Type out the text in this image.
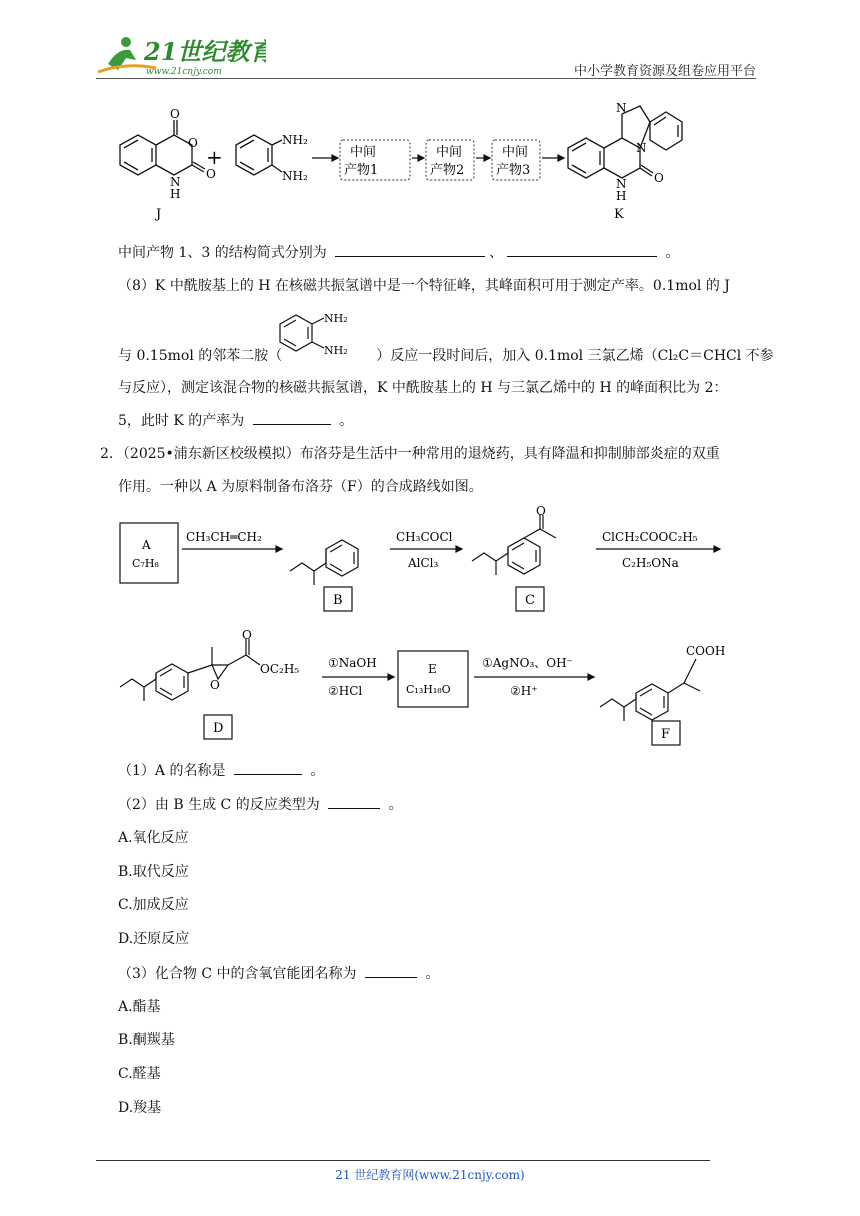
21世纪教育
www.21cnjy.com	中小学教育资源及组卷应用平台
O
O
O
N
H
J
+
NH₂
NH₂
中间
产物1
中间
产物2
中间
产物3
N
N
N
H
O
K
中间产物 1、3 的结构简式分别为	、	。
（8）K 中酰胺基上的 H 在核磁共振氢谱中是一个特征峰，其峰面积可用于测定产率。0.1mol 的 J
与 0.15mol 的邻苯二胺（	）反应一段时间后，加入 0.1mol 三氯乙烯（Cl₂C＝CHCl 不参
NH₂
NH₂
与反应），测定该混合物的核磁共振氢谱，K 中酰胺基上的 H 与三氯乙烯中的 H 的峰面积比为 2：
5，此时 K 的产率为	。
2．（2025•浦东新区校级模拟）布洛芬是生活中一种常用的退烧药，具有降温和抑制肺部炎症的双重
作用。一种以 A 为原料制备布洛芬（F）的合成路线如图。
A
C₇H₈
CH₃CH═CH₂
B
CH₃COCl
AlCl₃
O
C
ClCH₂COOC₂H₅
C₂H₅ONa
O
O
OC₂H₅
D
①NaOH
②HCl
E
C₁₃H₁₈O
①AgNO₃、OH⁻
②H⁺
COOH
F
（1）A 的名称是	。
（2）由 B 生成 C 的反应类型为	。
A.氧化反应
B.取代反应
C.加成反应
D.还原反应
（3）化合物 C 中的含氧官能团名称为	。
A.酯基
B.酮羰基
C.醛基
D.羧基
21 世纪教育网(www.21cnjy.com)
